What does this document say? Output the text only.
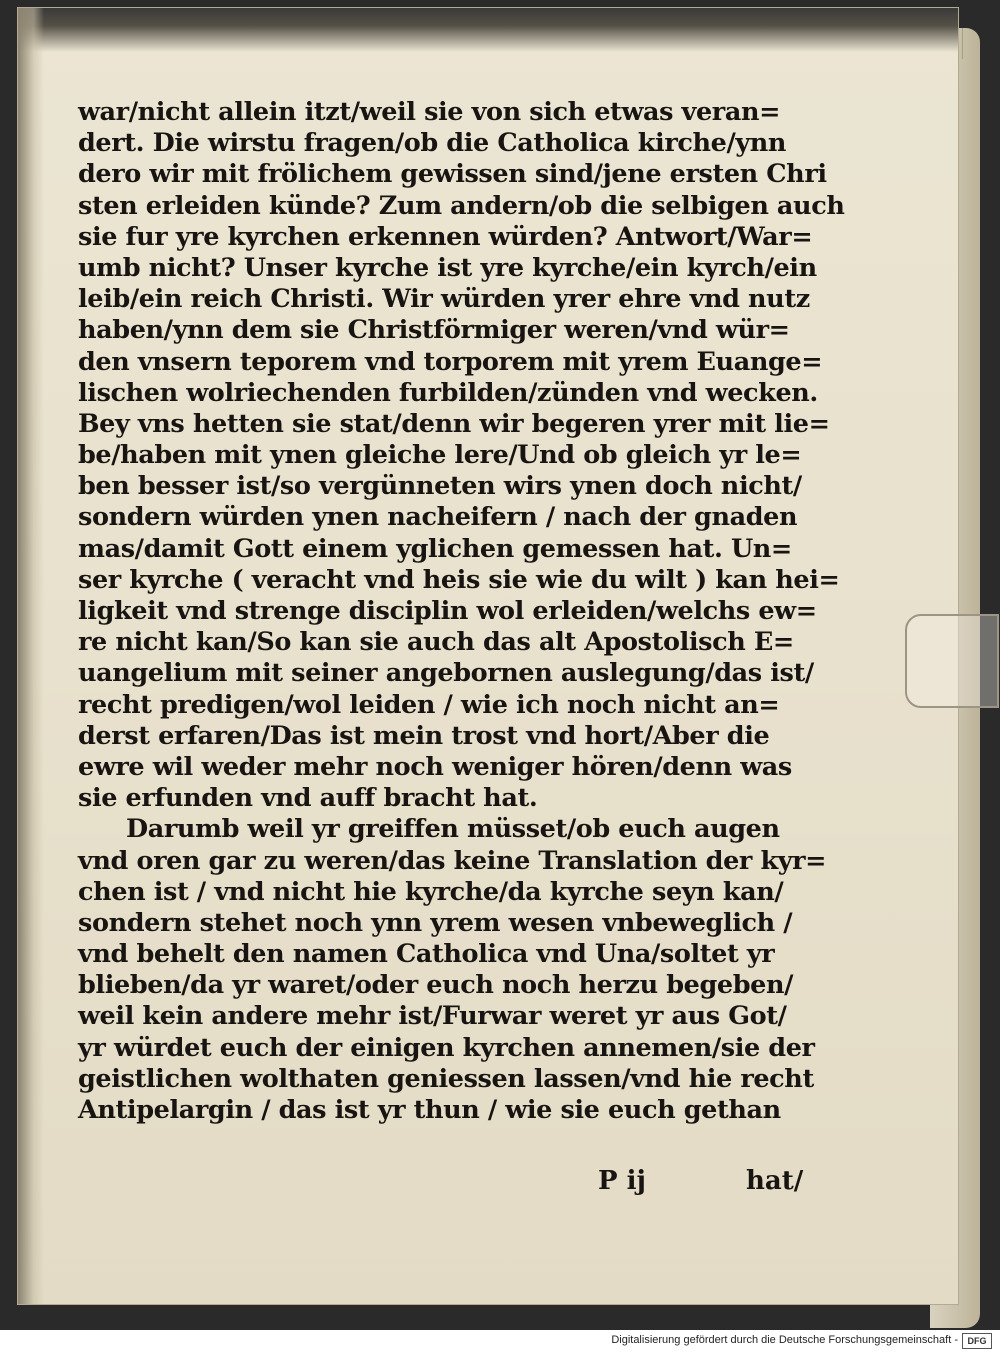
war/nicht allein itzt/weil sie von sich etwas veran=
dert. Die wirstu fragen/ob die Catholica kirche/ynn
dero wir mit frölichem gewissen sind/jene ersten Chri
sten erleiden künde? Zum andern/ob die selbigen auch
sie fur yre kyrchen erkennen würden? Antwort/War=
umb nicht? Unser kyrche ist yre kyrche/ein kyrch/ein
leib/ein reich Christi. Wir würden yrer ehre vnd nutz
haben/ynn dem sie Christförmiger weren/vnd wür=
den vnsern teporem vnd torporem mit yrem Euange=
lischen wolriechenden furbilden/zünden vnd wecken.
Bey vns hetten sie stat/denn wir begeren yrer mit lie=
be/haben mit ynen gleiche lere/Und ob gleich yr le=
ben besser ist/so vergünneten wirs ynen doch nicht/
sondern würden ynen nacheifern / nach der gnaden
mas/damit Gott einem yglichen gemessen hat. Un=
ser kyrche ( veracht vnd heis sie wie du wilt ) kan hei=
ligkeit vnd strenge disciplin wol erleiden/welchs ew=
re nicht kan/So kan sie auch das alt Apostolisch E=
uangelium mit seiner angebornen auslegung/das ist/
recht predigen/wol leiden / wie ich noch nicht an=
derst erfaren/Das ist mein trost vnd hort/Aber die
ewre wil weder mehr noch weniger hören/denn was
sie erfunden vnd auff bracht hat.
Darumb weil yr greiffen müsset/ob euch augen
vnd oren gar zu weren/das keine Translation der kyr=
chen ist / vnd nicht hie kyrche/da kyrche seyn kan/
sondern stehet noch ynn yrem wesen vnbeweglich /
vnd behelt den namen Catholica vnd Una/soltet yr
blieben/da yr waret/oder euch noch herzu begeben/
weil kein andere mehr ist/Furwar weret yr aus Got/
yr würdet euch der einigen kyrchen annemen/sie der
geistlichen wolthaten geniessen lassen/vnd hie recht
Antipelargin / das ist yr thun / wie sie euch gethan
P ij	hat/
Digitalisierung gefördert durch die Deutsche Forschungsgemeinschaft -	DFG
